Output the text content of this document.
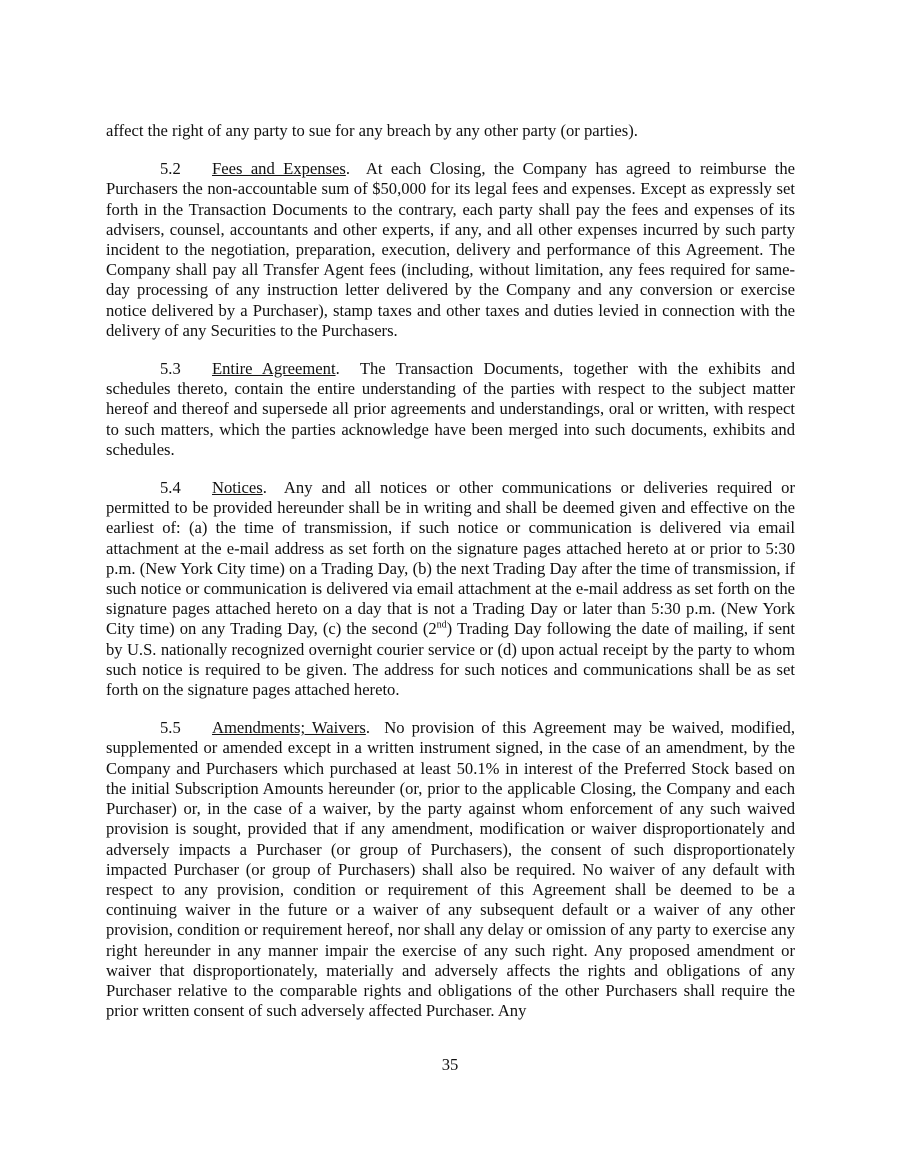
affect the right of any party to sue for any breach by any other party (or parties).

5.2 Fees and Expenses.  At each Closing, the Company has agreed to reimburse the Purchasers the non-accountable sum of $50,000 for its legal fees and expenses. Except as expressly set forth in the Transaction Documents to the contrary, each party shall pay the fees and expenses of its advisers, counsel, accountants and other experts, if any, and all other expenses incurred by such party incident to the negotiation, preparation, execution, delivery and performance of this Agreement. The Company shall pay all Transfer Agent fees (including, without limitation, any fees required for same-day processing of any instruction letter delivered by the Company and any conversion or exercise notice delivered by a Purchaser), stamp taxes and other taxes and duties levied in connection with the delivery of any Securities to the Purchasers.

5.3 Entire Agreement.  The Transaction Documents, together with the exhibits and schedules thereto, contain the entire understanding of the parties with respect to the subject matter hereof and thereof and supersede all prior agreements and understandings, oral or written, with respect to such matters, which the parties acknowledge have been merged into such documents, exhibits and schedules.

5.4 Notices.  Any and all notices or other communications or deliveries required or permitted to be provided hereunder shall be in writing and shall be deemed given and effective on the earliest of: (a) the time of transmission, if such notice or communication is delivered via email attachment at the e-mail address as set forth on the signature pages attached hereto at or prior to 5:30 p.m. (New York City time) on a Trading Day, (b) the next Trading Day after the time of transmission, if such notice or communication is delivered via email attachment at the e-mail address as set forth on the signature pages attached hereto on a day that is not a Trading Day or later than 5:30 p.m. (New York City time) on any Trading Day, (c) the second (2nd) Trading Day following the date of mailing, if sent by U.S. nationally recognized overnight courier service or (d) upon actual receipt by the party to whom such notice is required to be given. The address for such notices and communications shall be as set forth on the signature pages attached hereto.

5.5 Amendments; Waivers.  No provision of this Agreement may be waived, modified, supplemented or amended except in a written instrument signed, in the case of an amendment, by the Company and Purchasers which purchased at least 50.1% in interest of the Preferred Stock based on the initial Subscription Amounts hereunder (or, prior to the applicable Closing, the Company and each Purchaser) or, in the case of a waiver, by the party against whom enforcement of any such waived provision is sought, provided that if any amendment, modification or waiver disproportionately and adversely impacts a Purchaser (or group of Purchasers), the consent of such disproportionately impacted Purchaser (or group of Purchasers) shall also be required. No waiver of any default with respect to any provision, condition or requirement of this Agreement shall be deemed to be a continuing waiver in the future or a waiver of any subsequent default or a waiver of any other provision, condition or requirement hereof, nor shall any delay or omission of any party to exercise any right hereunder in any manner impair the exercise of any such right. Any proposed amendment or waiver that disproportionately, materially and adversely affects the rights and obligations of any Purchaser relative to the comparable rights and obligations of the other Purchasers shall require the prior written consent of such adversely affected Purchaser. Any

35
